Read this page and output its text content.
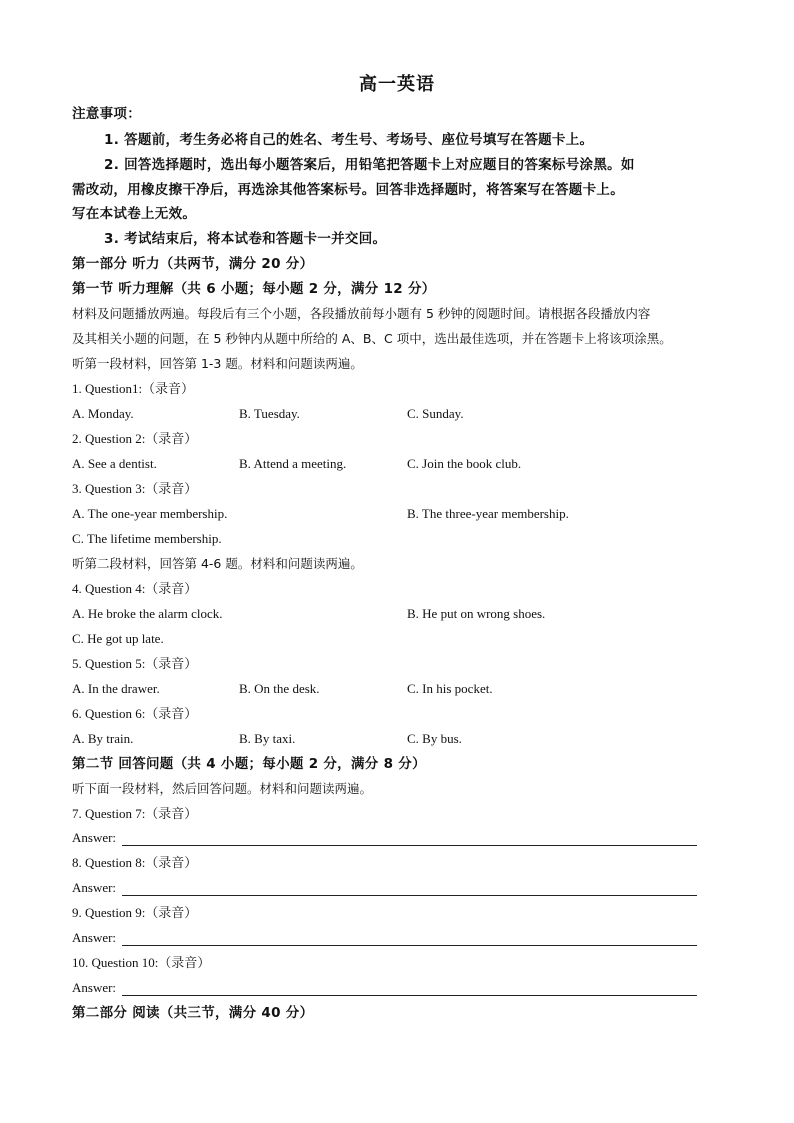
高一英语
注意事项：
1. 答题前，考生务必将自己的姓名、考生号、考场号、座位号填写在答题卡上。
2. 回答选择题时，选出每小题答案后，用铅笔把答题卡上对应题目的答案标号涂黑。如
需改动，用橡皮擦干净后，再选涂其他答案标号。回答非选择题时，将答案写在答题卡上。
写在本试卷上无效。
3. 考试结束后，将本试卷和答题卡一并交回。
第一部分 听力（共两节，满分 20 分）
第一节 听力理解（共 6 小题；每小题 2 分，满分 12 分）
材料及问题播放两遍。每段后有三个小题，各段播放前每小题有 5 秒钟的阅题时间。请根据各段播放内容
及其相关小题的问题，在 5 秒钟内从题中所给的 A、B、C 项中，选出最佳选项，并在答题卡上将该项涂黑。
听第一段材料，回答第 1-3 题。材料和问题读两遍。
1. Question1:（录音）
A. Monday.	B. Tuesday.	C. Sunday.
2. Question 2:（录音）
A. See a dentist.	B. Attend a meeting.	C. Join the book club.
3. Question 3:（录音）
A. The one-year membership.	B. The three-year membership.
C. The lifetime membership.
听第二段材料，回答第 4-6 题。材料和问题读两遍。
4. Question 4:（录音）
A. He broke the alarm clock.	B. He put on wrong shoes.
C. He got up late.
5. Question 5:（录音）
A. In the drawer.	B. On the desk.	C. In his pocket.
6. Question 6:（录音）
A. By train.	B. By taxi.	C. By bus.
第二节 回答问题（共 4 小题；每小题 2 分，满分 8 分）
听下面一段材料，然后回答问题。材料和问题读两遍。
7. Question 7:（录音）
Answer:
8. Question 8:（录音）
Answer:
9. Question 9:（录音）
Answer:
10. Question 10:（录音）
Answer:
第二部分 阅读（共三节，满分 40 分）
